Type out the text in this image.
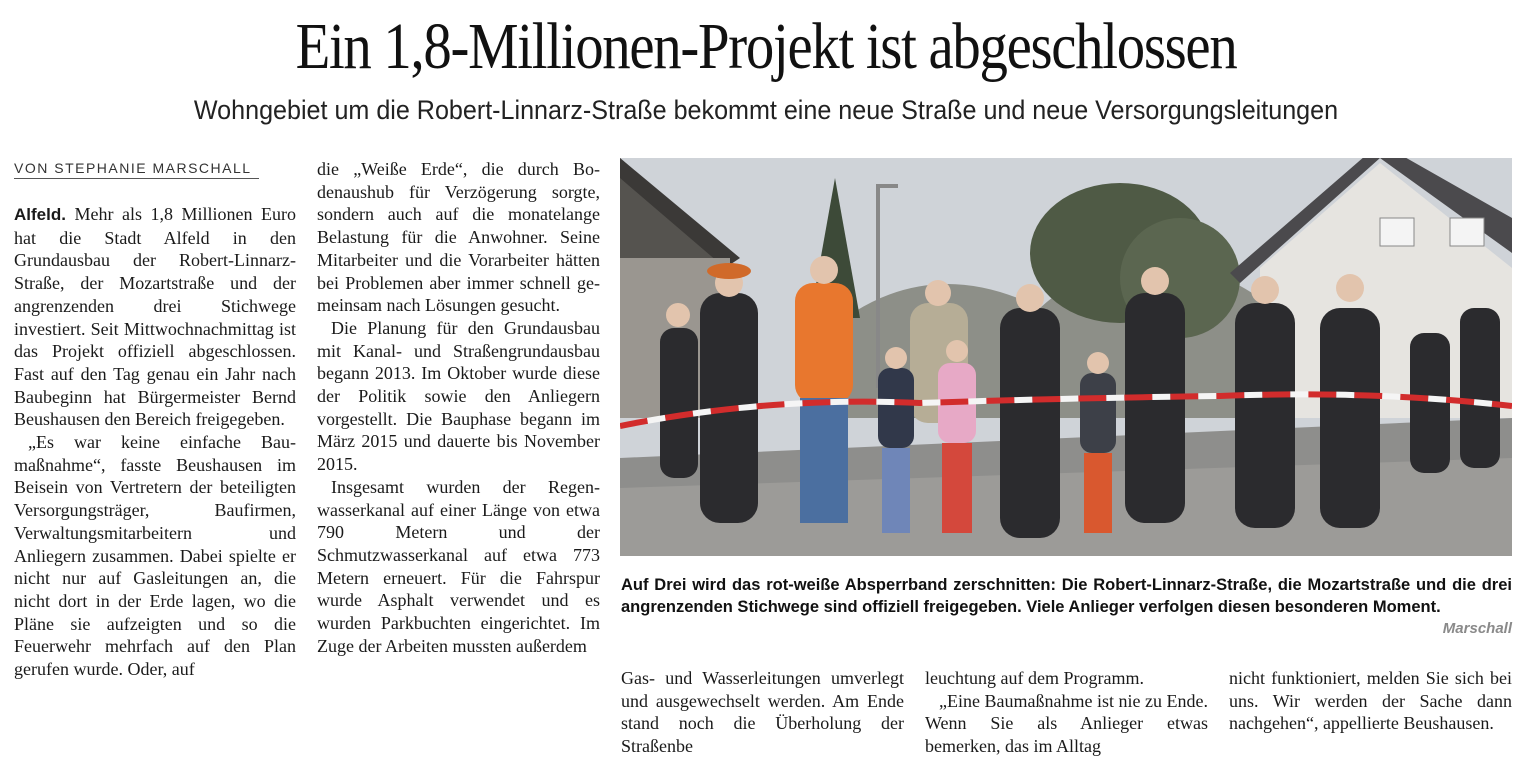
Ein 1,8-Millionen-Projekt ist abgeschlossen
Wohngebiet um die Robert-Linnarz-Straße bekommt eine neue Straße und neue Versorgungsleitungen
VON STEPHANIE MARSCHALL

Alfeld. Mehr als 1,8 Millionen Euro hat die Stadt Alfeld in den Grundausbau der Robert-Linnarz-Straße, der Mozartstraße und der angrenzenden drei Stichwege investiert. Seit Mittwochnachmittag ist das Projekt offiziell abgeschlossen. Fast auf den Tag genau ein Jahr nach Baubeginn hat Bürgermeister Bernd Beushausen den Bereich freigegeben.

„Es war keine einfache Baumaßnahme“, fasste Beushausen im Beisein von Vertretern der beteiligten Versorgungsträger, Baufirmen, Verwaltungsmitarbeitern und Anliegern zusammen. Dabei spielte er nicht nur auf Gasleitungen an, die nicht dort in der Erde lagen, wo die Pläne sie aufzeigten und so die Feuerwehr mehrfach auf den Plan gerufen wurde. Oder, auf

die „Weiße Erde“, die durch Bodenaushub für Verzögerung sorgte, sondern auch auf die monatelange Belastung für die Anwohner. Seine Mitarbeiter und die Vorarbeiter hätten bei Problemen aber immer schnell gemeinsam nach Lösungen gesucht.

Die Planung für den Grundausbau mit Kanal- und Straßengrundausbau begann 2013. Im Oktober wurde diese der Politik sowie den Anliegern vorgestellt. Die Bauphase begann im März 2015 und dauerte bis November 2015.

Insgesamt wurden der Regenwasserkanal auf einer Länge von etwa 790 Metern und der Schmutzwasserkanal auf etwa 773 Metern erneuert. Für die Fahrspur wurde Asphalt verwendet und es wurden Parkbuchten eingerichtet. Im Zuge der Arbeiten mussten außerdem

Auf Drei wird das rot-weiße Absperrband zerschnitten: Die Robert-Linnarz-Straße, die Mozartstraße und die drei angrenzenden Stichwege sind offiziell freigegeben. Viele Anlieger verfolgen diesen besonderen Moment.
Marschall

Gas- und Wasserleitungen umverlegt und ausgewechselt werden. Am Ende stand noch die Überholung der Straßenbe

leuchtung auf dem Programm.

„Eine Baumaßnahme ist nie zu Ende. Wenn Sie als Anlieger etwas bemerken, das im Alltag

nicht funktioniert, melden Sie sich bei uns. Wir werden der Sache dann nachgehen“, appellierte Beushausen.
